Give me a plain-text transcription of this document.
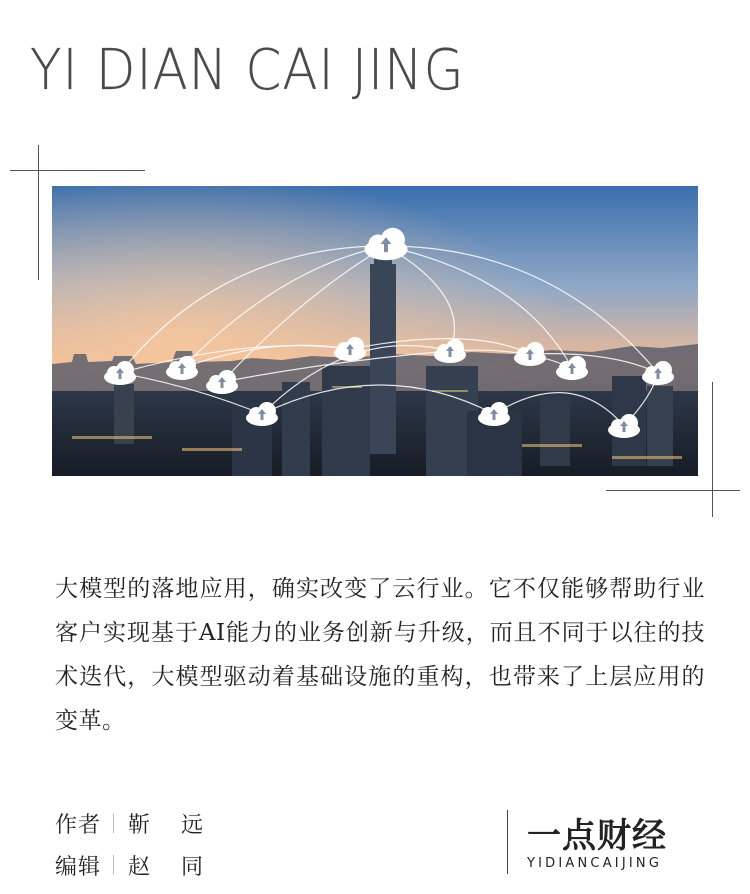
YI DIAN CAI JING

大模型的落地应用，确实改变了云行业。它不仅能够帮助行业客户实现基于AI能力的业务创新与升级，而且不同于以往的技术迭代，大模型驱动着基础设施的重构，也带来了上层应用的变革。

作者 靳 远
编辑 赵 同
一点财经
YIDIANCAIJING
